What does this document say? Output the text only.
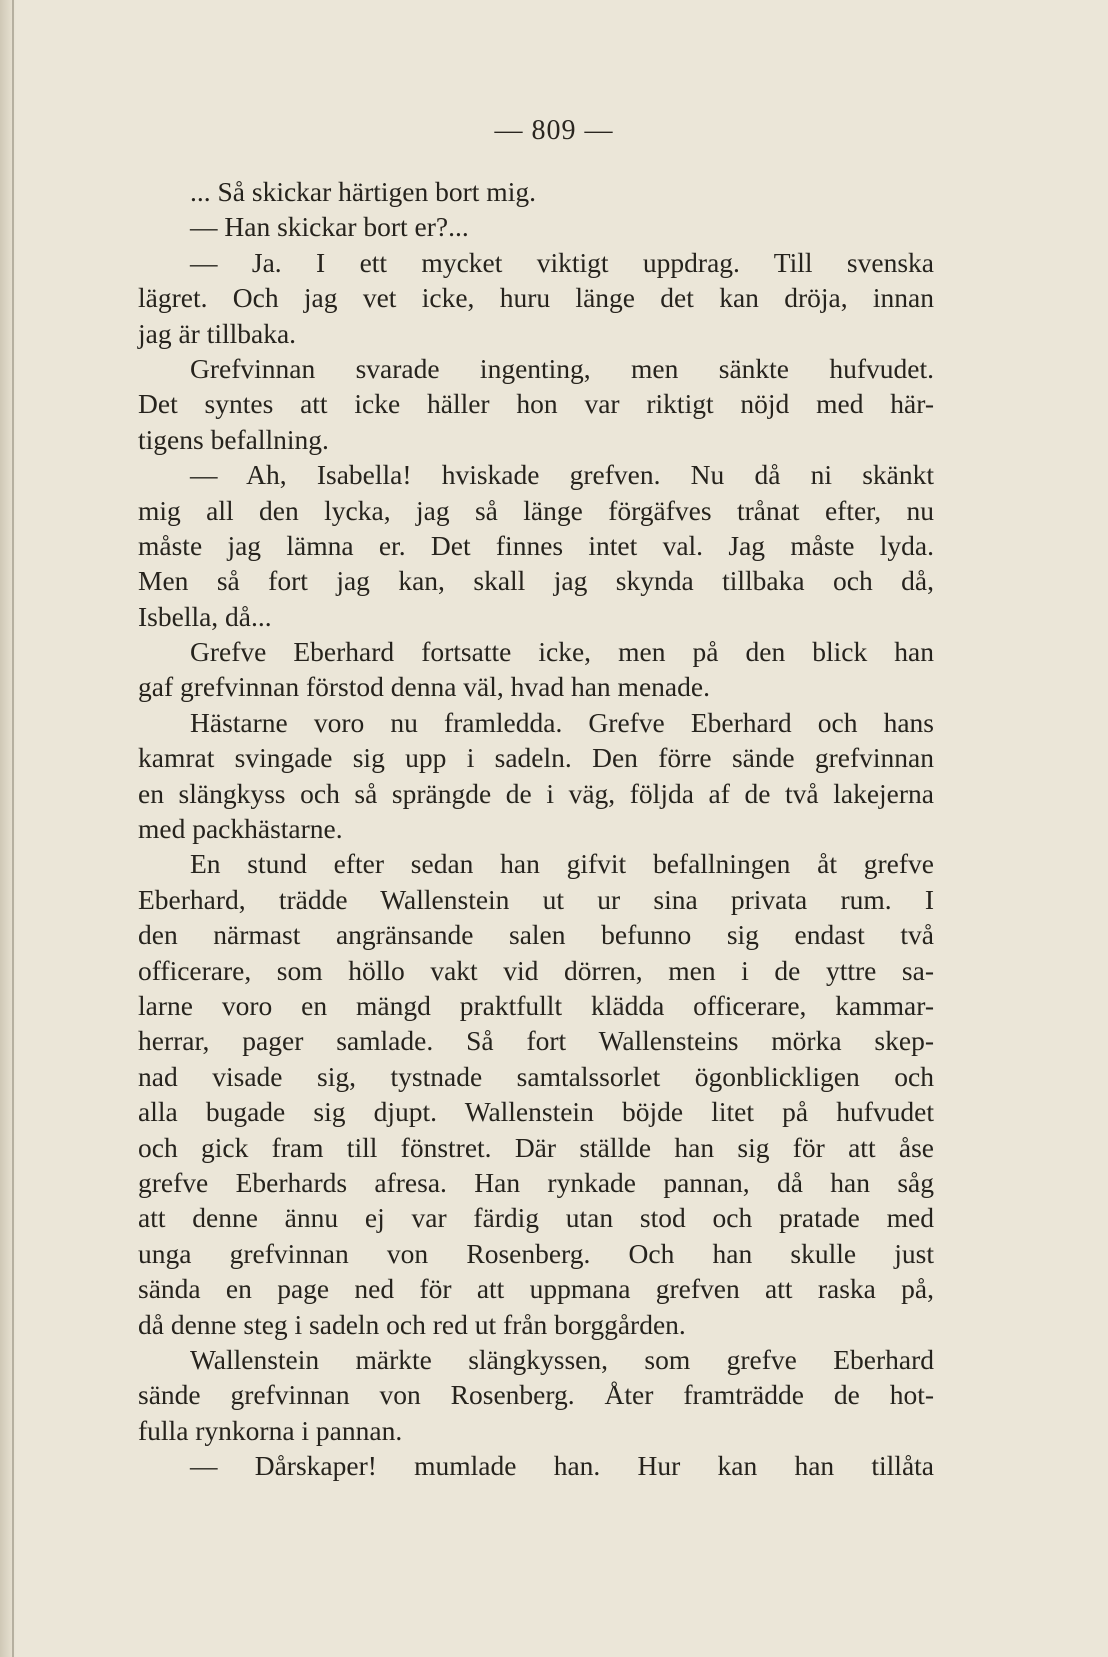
— 809 —
... Så skickar härtigen bort mig.
— Han skickar bort er?...
— Ja. I ett mycket viktigt uppdrag. Till svenska
lägret. Och jag vet icke, huru länge det kan dröja, innan
jag är tillbaka.
Grefvinnan svarade ingenting, men sänkte hufvudet.
Det syntes att icke häller hon var riktigt nöjd med här-
tigens befallning.
— Ah, Isabella! hviskade grefven. Nu då ni skänkt
mig all den lycka, jag så länge förgäfves trånat efter, nu
måste jag lämna er. Det finnes intet val. Jag måste lyda.
Men så fort jag kan, skall jag skynda tillbaka och då,
Isbella, då...
Grefve Eberhard fortsatte icke, men på den blick han
gaf grefvinnan förstod denna väl, hvad han menade.
Hästarne voro nu framledda. Grefve Eberhard och hans
kamrat svingade sig upp i sadeln. Den förre sände grefvinnan
en slängkyss och så sprängde de i väg, följda af de två lakejerna
med packhästarne.
En stund efter sedan han gifvit befallningen åt grefve
Eberhard, trädde Wallenstein ut ur sina privata rum. I
den närmast angränsande salen befunno sig endast två
officerare, som höllo vakt vid dörren, men i de yttre sa-
larne voro en mängd praktfullt klädda officerare, kammar-
herrar, pager samlade. Så fort Wallensteins mörka skep-
nad visade sig, tystnade samtalssorlet ögonblickligen och
alla bugade sig djupt. Wallenstein böjde litet på hufvudet
och gick fram till fönstret. Där ställde han sig för att åse
grefve Eberhards afresa. Han rynkade pannan, då han såg
att denne ännu ej var färdig utan stod och pratade med
unga grefvinnan von Rosenberg. Och han skulle just
sända en page ned för att uppmana grefven att raska på,
då denne steg i sadeln och red ut från borggården.
Wallenstein märkte slängkyssen, som grefve Eberhard
sände grefvinnan von Rosenberg. Åter framträdde de hot-
fulla rynkorna i pannan.
— Dårskaper! mumlade han. Hur kan han tillåta
